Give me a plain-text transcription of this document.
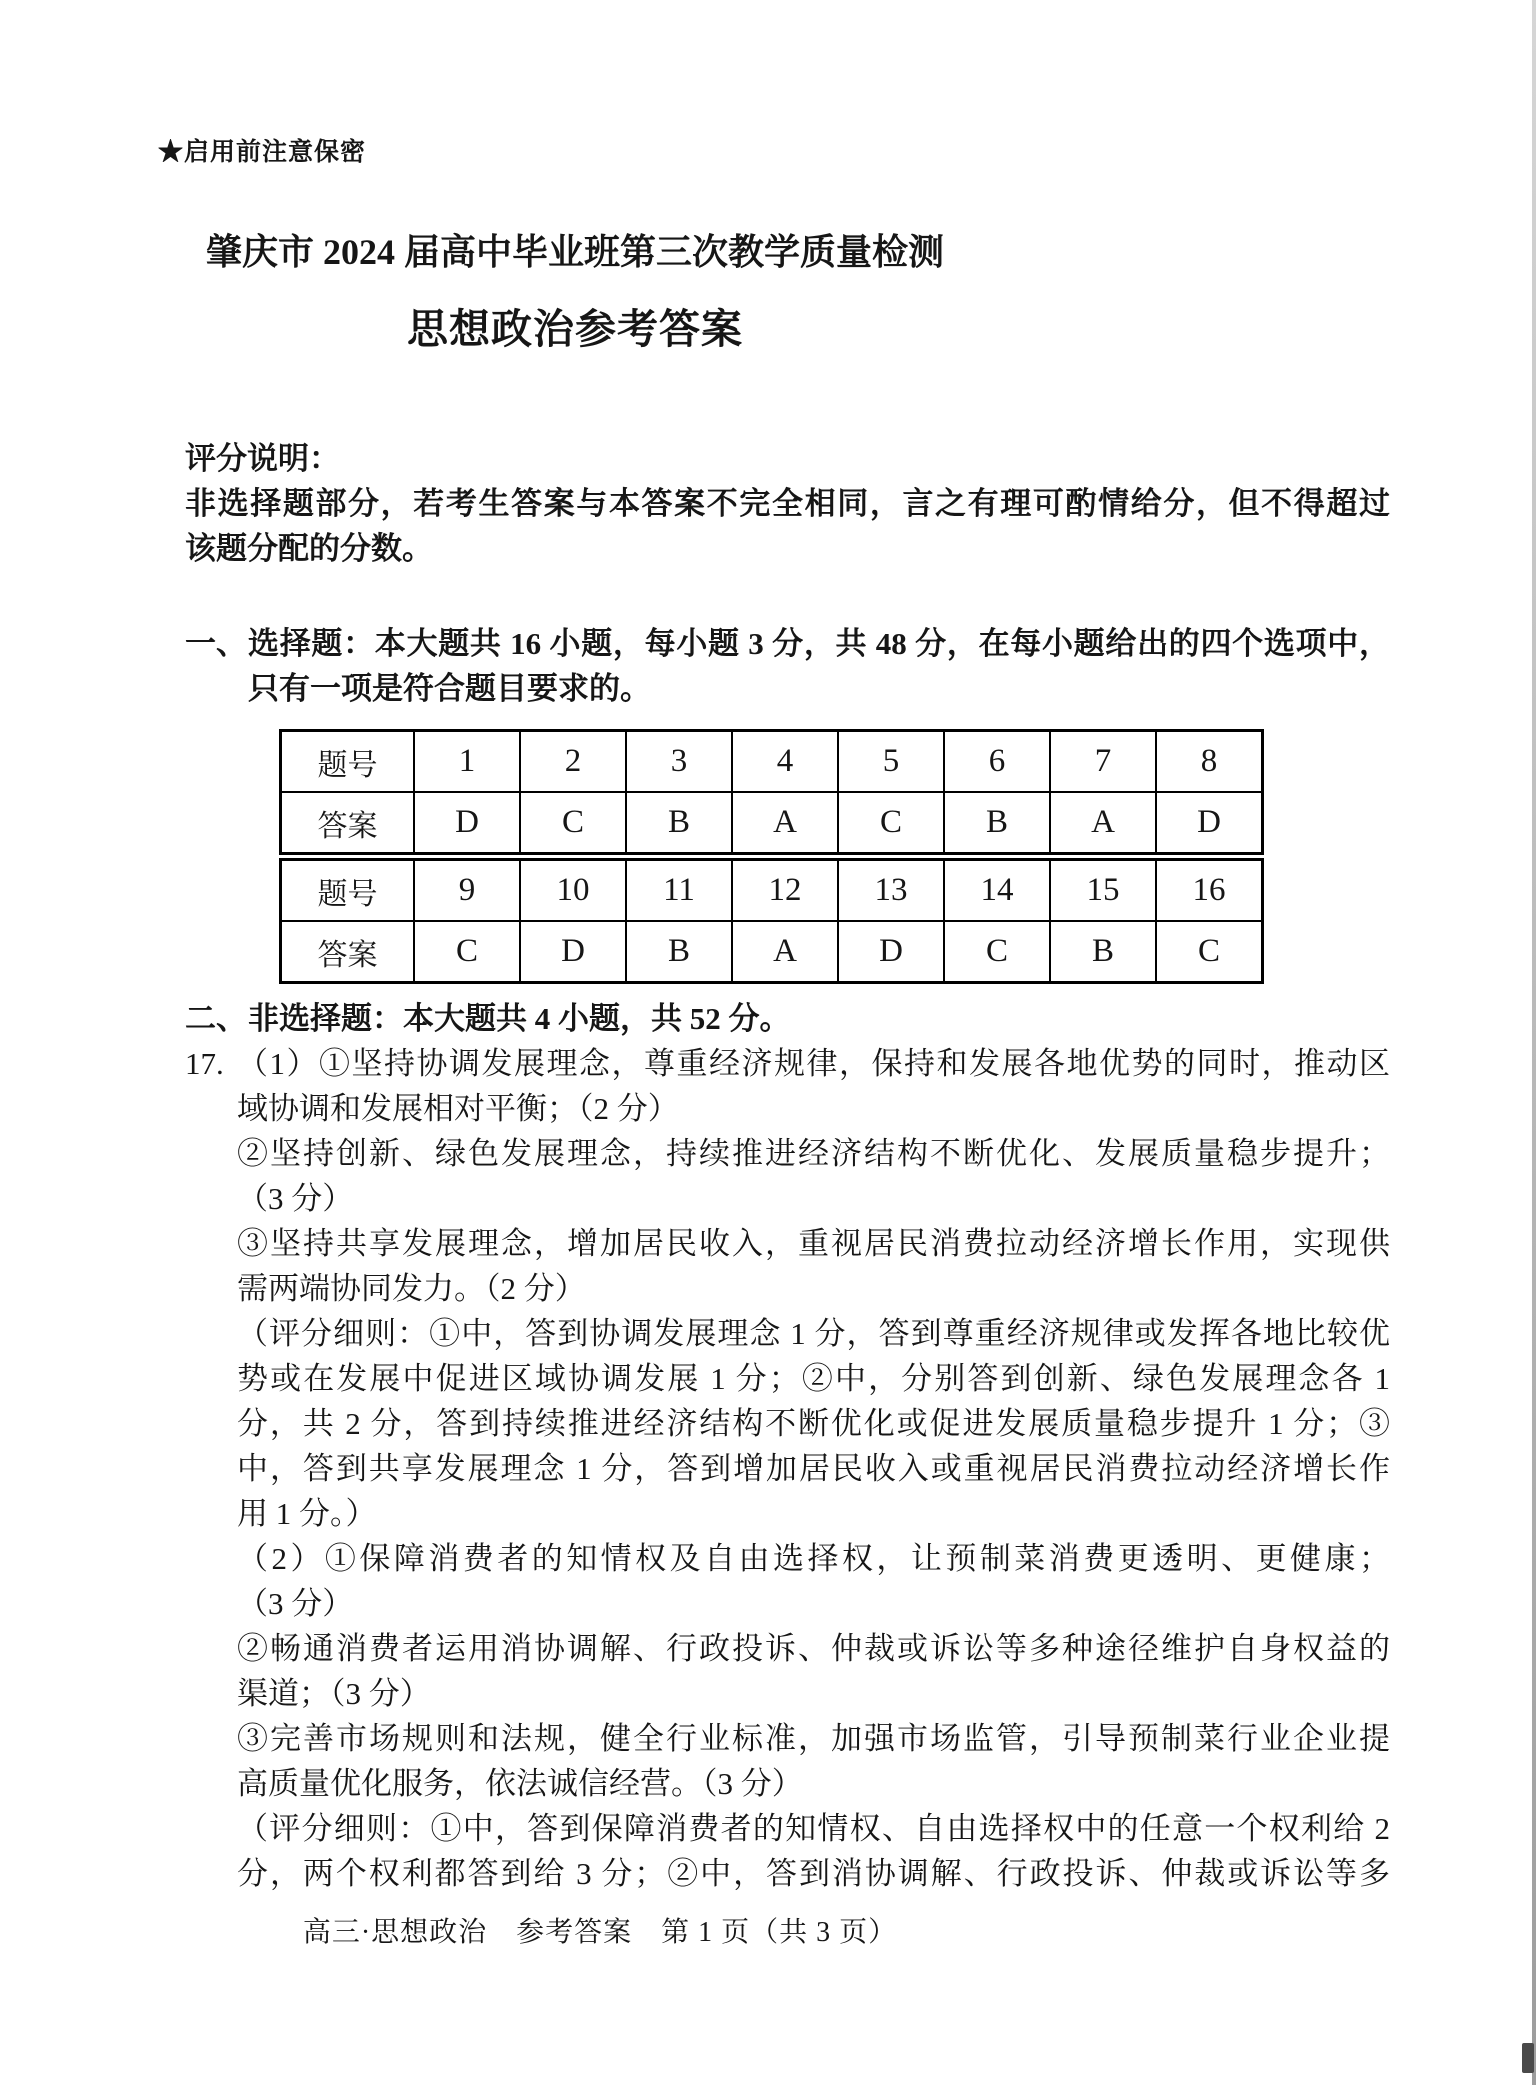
★启用前注意保密
肇庆市 2024 届高中毕业班第三次教学质量检测
思想政治参考答案
评分说明：
非选择题部分，若考生答案与本答案不完全相同，言之有理可酌情给分，但不得超过
该题分配的分数。
一、 选择题：本大题共 16 小题，每小题 3 分，共 48 分，在每小题给出的四个选项中，
只有一项是符合题目要求的。
题号	1	2	3	4	5	6	7	8
答案	D	C	B	A	C	B	A	D
题号	9	10	11	12	13	14	15	16
答案	C	D	B	A	D	C	B	C
二、 非选择题：本大题共 4 小题，共 52 分。
17. （1）①坚持协调发展理念，尊重经济规律，保持和发展各地优势的同时，推动区
域协调和发展相对平衡；（2 分）
②坚持创新、绿色发展理念，持续推进经济结构不断优化、发展质量稳步提升；
（3 分）
③坚持共享发展理念，增加居民收入，重视居民消费拉动经济增长作用，实现供
需两端协同发力。（2 分）
（评分细则：①中，答到协调发展理念 1 分，答到尊重经济规律或发挥各地比较优
势或在发展中促进区域协调发展 1 分；②中，分别答到创新、绿色发展理念各 1
分，共 2 分，答到持续推进经济结构不断优化或促进发展质量稳步提升 1 分；③
中，答到共享发展理念 1 分，答到增加居民收入或重视居民消费拉动经济增长作
用 1 分。）
（2）①保障消费者的知情权及自由选择权，让预制菜消费更透明、更健康；
（3 分）
②畅通消费者运用消协调解、行政投诉、仲裁或诉讼等多种途径维护自身权益的
渠道；（3 分）
③完善市场规则和法规，健全行业标准，加强市场监管，引导预制菜行业企业提
高质量优化服务，依法诚信经营。（3 分）
（评分细则：①中，答到保障消费者的知情权、自由选择权中的任意一个权利给 2
分，两个权利都答到给 3 分；②中，答到消协调解、行政投诉、仲裁或诉讼等多
高三·思想政治　参考答案　第 1 页（共 3 页）
